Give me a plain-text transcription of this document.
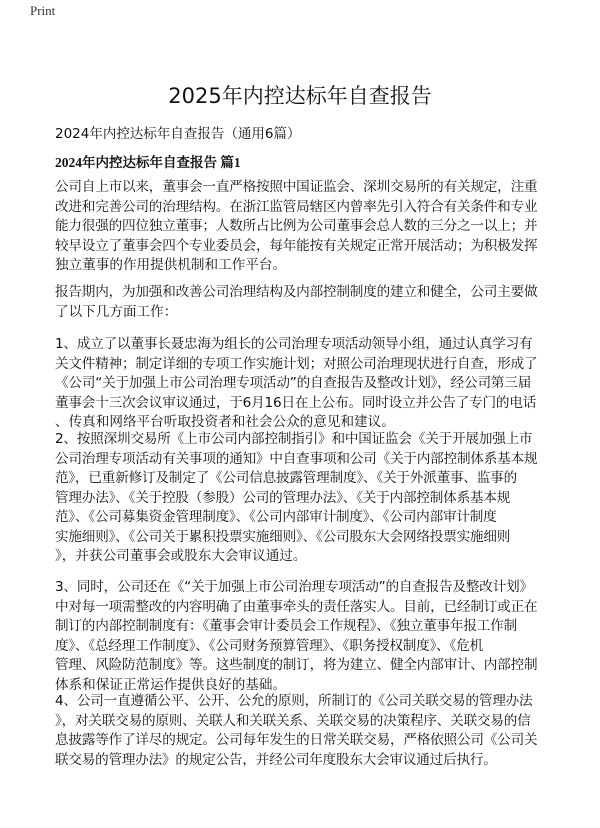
Print
2025年内控达标年自查报告
2024年内控达标年自查报告（通用6篇）
2024年内控达标年自查报告 篇1
公司自上市以来，董事会一直严格按照中国证监会、深圳交易所的有关规定，注重
改进和完善公司的治理结构。在浙江监管局辖区内曾率先引入符合有关条件和专业
能力很强的四位独立董事；人数所占比例为公司董事会总人数的三分之一以上；并
较早设立了董事会四个专业委员会，每年能按有关规定正常开展活动；为积极发挥
独立董事的作用提供机制和工作平台。
报告期内，为加强和改善公司治理结构及内部控制制度的建立和健全，公司主要做
了以下几方面工作：
1、成立了以董事长聂忠海为组长的公司治理专项活动领导小组，通过认真学习有
关文件精神；制定详细的专项工作实施计划；对照公司治理现状进行自查，形成了
《公司“关于加强上市公司治理专项活动”的自查报告及整改计划》，经公司第三届
董事会十三次会议审议通过，于6月16日在上公布。同时设立并公告了专门的电话
、传真和网络平台听取投资者和社会公众的意见和建议。
2、按照深圳交易所《上市公司内部控制指引》和中国证监会《关于开展加强上市
公司治理专项活动有关事项的通知》中自查事项和公司《关于内部控制体系基本规
范》，已重新修订及制定了《公司信息披露管理制度》、《关于外派董事、监事的
管理办法》、《关于控股（参股）公司的管理办法》、《关于内部控制体系基本规
范》、《公司募集资金管理制度》、《公司内部审计制度》、《公司内部审计制度
实施细则》、《公司关于累积投票实施细则》、《公司股东大会网络投票实施细则
》，并获公司董事会或股东大会审议通过。
3、同时，公司还在《“关于加强上市公司治理专项活动”的自查报告及整改计划》
中对每一项需整改的内容明确了由董事牵头的责任落实人。目前，已经制订或正在
制订的内部控制制度有：《董事会审计委员会工作规程》、《独立董事年报工作制
度》、《总经理工作制度》、《公司财务预算管理》、《职务授权制度》、《危机
管理、风险防范制度》等。这些制度的制订，将为建立、健全内部审计、内部控制
体系和保证正常运作提供良好的基础。
4、公司一直遵循公平、公开、公允的原则，所制订的《公司关联交易的管理办法
》，对关联交易的原则、关联人和关联关系、关联交易的决策程序、关联交易的信
息披露等作了详尽的规定。公司每年发生的日常关联交易，严格依照公司《公司关
联交易的管理办法》的规定公告，并经公司年度股东大会审议通过后执行。
